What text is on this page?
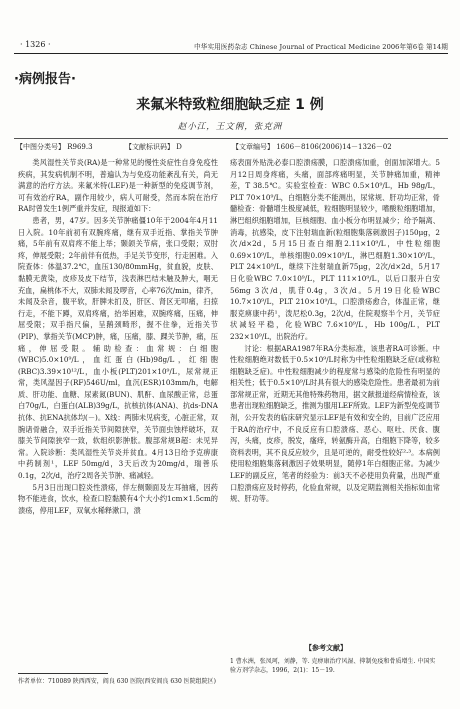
· 1326 ·	中华实用医药杂志 Chinese Journal of Practical Medicine 2006年第6卷 第14期
·病例报告·
来氟米特致粒细胞缺乏症 1 例
赵小江，王文俐，张克洲
【中图分类号】 R969.3	【文献标识码】 D	【文章编号】 1606－8106(2006)14－1326－02

类风湿性关节炎(RA)是一种常见的慢性炎症性自身免疫性疾病，其发病机制不明，普遍认为与免疫功能紊乱有关，尚无满意的治疗方法。来氟米特(LEF)是一种新型的免疫调节剂，可有效治疗RA，副作用较少，病人可耐受，然而本院在治疗RA时曾发生1例严重并发症，现报道如下：

患者，男，47岁。因多关节肿痛僵10年于2004年4月11日入院。10年前初有双腕疼痛，继有双手近指、掌指关节肿痛，5年前有双肩疼不能上举；颞颌关节病，张口受限；双肘疼，伸展受限；2年前伴有低热，手足关节变形，行走困难。入院查体：体温37.2℃，血压130/80mmHg，贫血貌，皮肤、黏膜无黄染，皮疹及皮下结节，浅表淋巴结未触及肿大，咽无充血，扁桃体不大，双肺未闻及啰音，心率76次/min，律齐，未闻及杂音，腹平软，肝脾未扪及，肝区、肾区无叩痛，扫掠行走，不能下蹲，双肩疼痛，抬举困难，双腕疼痛，压痛，伸屈受限；双手指尺偏，呈鹅颈畸形，握不住拳，近指关节(PIP)、掌指关节(MCP)肿，痛，压痛，膝、踝关节肿，痛，压痛，伸屈受限。辅助检查：血常规：白细胞(WBC)5.0×10⁹/L，血红蛋白(Hb)98g/L，红细胞(RBC)3.39×10¹²/L，血小板(PLT)201×10⁹/L，尿常规正常，类风湿因子(RF)546U/ml，血沉(ESR)103mm/h，电解质、肝功能、血糖、尿素氮(BUN)、肌酐、血尿酸正常，总蛋白70g/L，白蛋白(ALB)39g/L，抗核抗体(ANA)、抗ds-DNA抗体、抗ENA抗体均(－)。X线：两肺未见病变，心脏正常，双腕诸骨融合，双手近指关节间隙狭窄，关节面虫蚀样破坏，双膝关节间隙狭窄一致，软组织影肿胀。腹部常规B超：未见异常。入院诊断：类风湿性关节炎并贫血。4月13日给予克痹康中药制剂¹，LEF 50mg/d，3天后改为20mg/d，瑞善乐0.1g，2次/d，治疗2周各关节肿、痛减轻。

5月3日出现口腔炎性溃疡，伴左侧颞面及左耳抽痛，因药物不能进食，饮水，检查口腔黏膜有4个大小约1cm×1.5cm的溃疡，停用LEF，双氧水稀释漱口，溃

疡表面外贴洗必泰口腔溃疡膜，口腔溃疡加重，创面加深增大。5月12日周身疼痛，头痛，面部疼痛明显，关节肿痛加重，精神差，T 38.5℃。实验室检查：WBC 0.5×10⁹/L，Hb 98g/L，PLT 70×10⁹/L，白细胞分类不能测出，尿常规、肝功均正常，骨髓检查：骨髓增生极度减低，粒细胞明显较少，嗜酸粒细胞增加，淋巴组织细胞增加，巨核细胞、血小板分布明显减少；给予隔离、消毒，抗感染，皮下注射瑞血新(粒细胞集落刺激因子)150μg，2次/d×2d，5月15日查白细胞2.11×10⁹/L，中性粒细胞0.69×10⁹/L，单核细胞0.09×10⁹/L，淋巴细胞1.30×10⁹/L，PLT 24×10⁹/L，继续下注射瑞血新75μg，2次/d×2d，5月17日化验WBC 7.0×10⁹/L，PLT 111×10⁹/L，以后口服升白安56mg 3次/d，肌苷0.4g，3次/d。5月19日化验WBC 10.7×10⁹/L，PLT 210×10⁹/L，口腔溃疡愈合，体温正常，继服克痹康中药¹，泼尼松0.3g，2次/d，住院观察半个月，关节症状减轻平稳，化验WBC 7.6×10⁹/L，Hb 100g/L，PLT 232×10⁹/L，出院治疗。

讨论：根据ARA1987年RA分类标准，该患者RA可诊断。中性粒细胞绝对数低于0.5×10⁹/L时称为中性粒细胞缺乏症(或称粒细胞缺乏症)。中性粒细胞减少的程度常与感染的危险性有明显的相关性；低于0.5×10⁹/L时具有很大的感染危险性。患者最初为前部常规正常，近期无其他特殊药物用，据文献报道经病情检查，该患者出现粒细胞缺乏，推测为服用LEF所致。LEF为新型免疫调节剂，公开发表的临床研究显示LEF是有效和安全的，目前广泛应用于RA的治疗中，不良反应有口腔溃疡、恶心、呕吐、厌食、腹泻，头痛，皮疹，脱发，瘙痒，转氨酶升高，白细胞下降等，较多资料表明，其不良反应较少，且是可逆的，耐受性较好²·³。本病例使用粒细胞集落刺激因子效果明显，随停1年白细胞正常。为减少LEF的副反应，笔者的经验为：前3天不必使用负荷量，出现严重口腔溃疡应及时停药，化验血常规，以及定期监测相关指标如血常规、肝功等。

作者单位：710089 陕西西安，阎良 630 医院(西安阎良 630 医院组院区)
【参考文献】
1 曹水洲，张凤珂，刘静，等. 克痹康治疗风湿、抑制免疫和骨质增生. 中国实验方剂学杂志，1996，2(1)：15－19.
